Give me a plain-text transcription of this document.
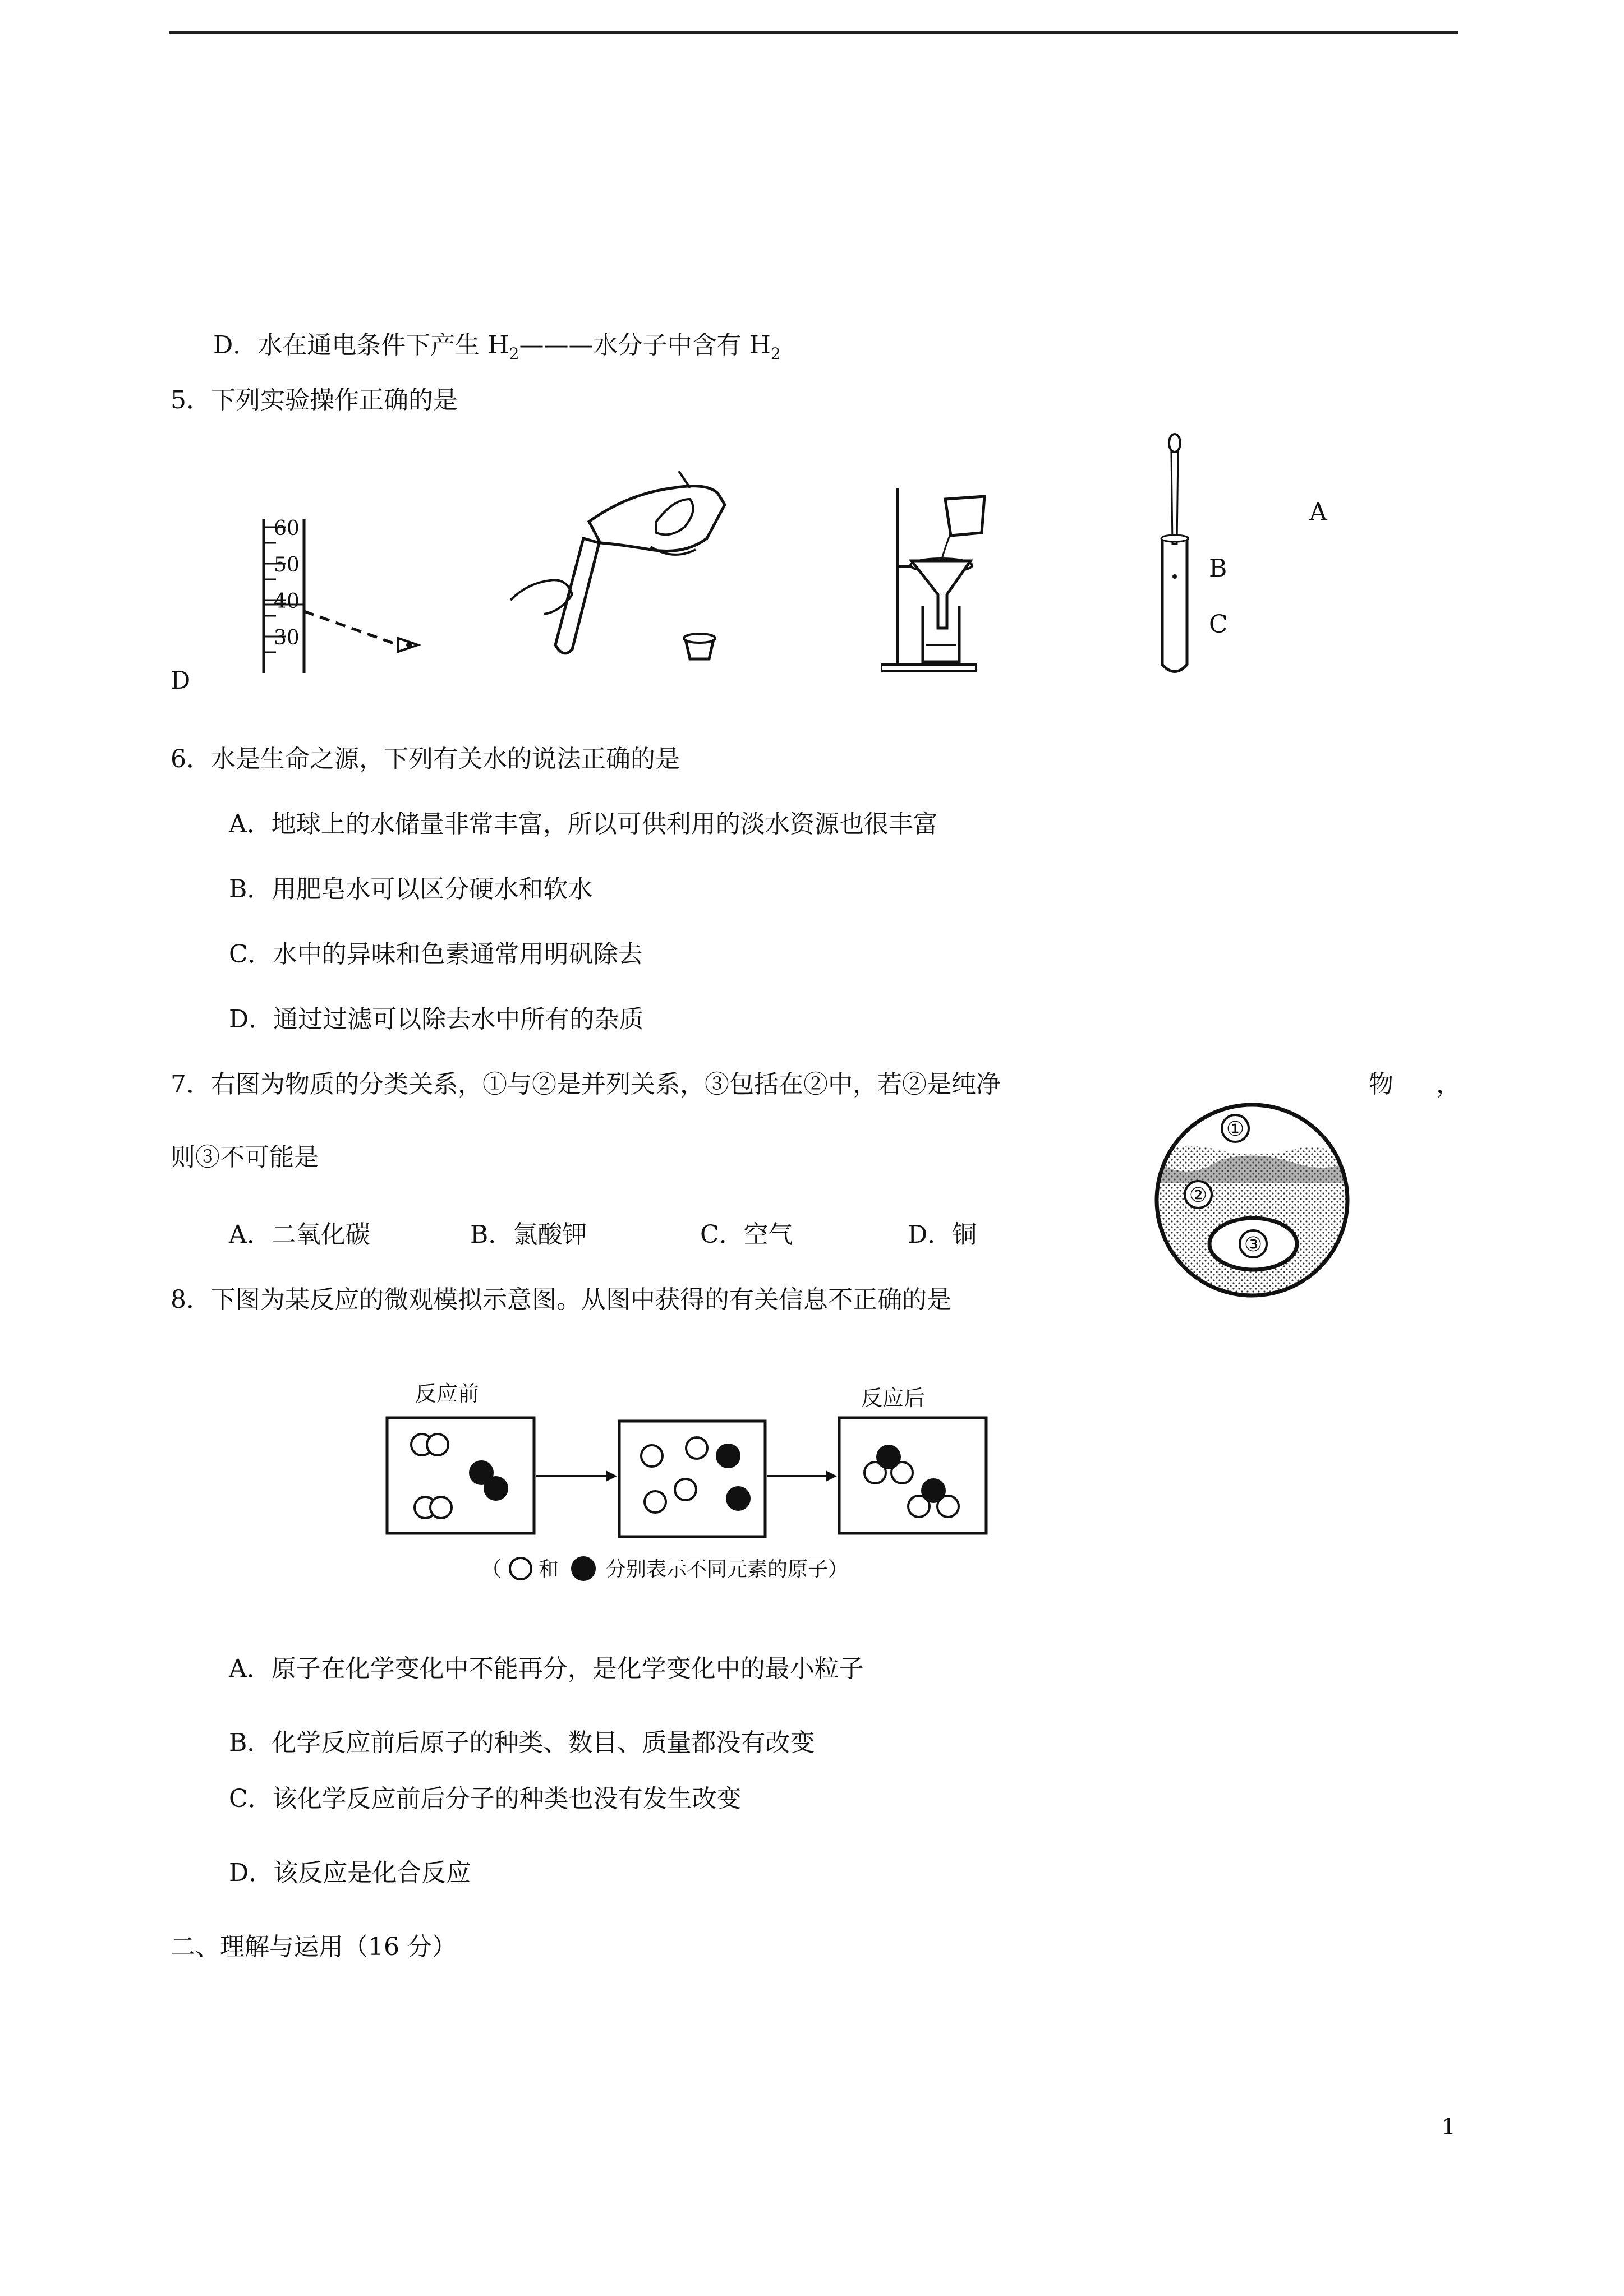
D．水在通电条件下产生 $H_2———$水分子中含有 $H_2$
5．下列实验操作正确的是
60
50
40
30
A
B
C
D
6．水是生命之源，下列有关水的说法正确的是
A．地球上的水储量非常丰富，所以可供利用的淡水资源也很丰富
B．用肥皂水可以区分硬水和软水
C．水中的异味和色素通常用明矾除去
D．通过过滤可以除去水中所有的杂质
7．右图为物质的分类关系，①与②是并列关系，③包括在②中，若②是纯净	物 ，
则③不可能是
A．二氧化碳	B．氯酸钾	C．空气	D．铜
①
②
③
8．下图为某反应的微观模拟示意图。从图中获得的有关信息不正确的是
反应前	反应后
（ 和 分别表示不同元素的原子）
A．原子在化学变化中不能再分，是化学变化中的最小粒子
B．化学反应前后原子的种类、数目、质量都没有改变
C．该化学反应前后分子的种类也没有发生改变
D．该反应是化合反应
二、理解与运用（16 分）
1
